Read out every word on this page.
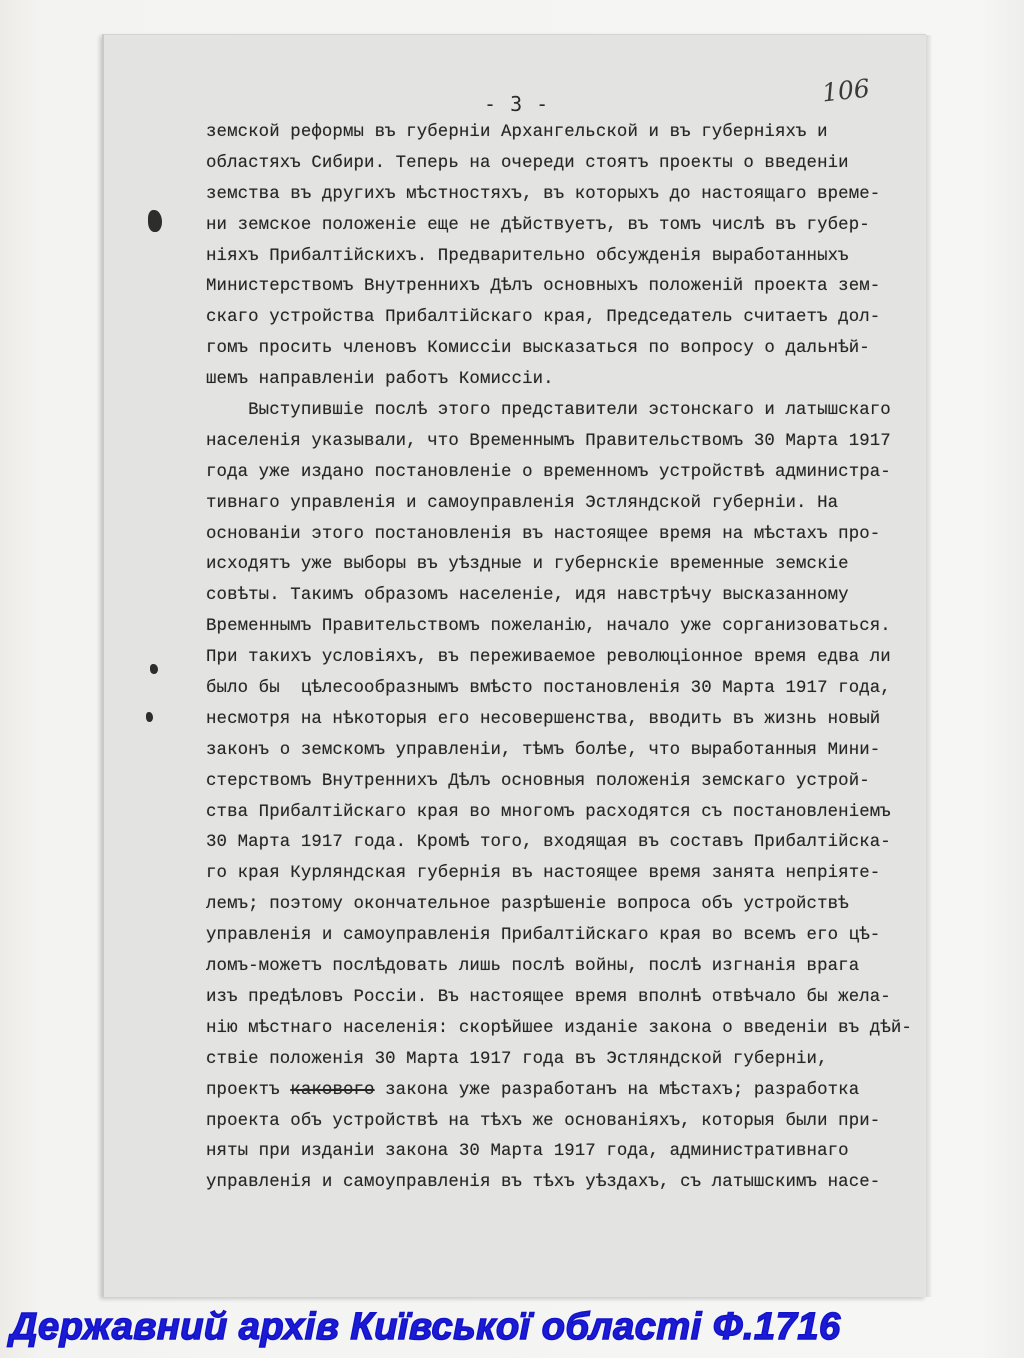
- 3 -	106
земской реформы въ губерніи Архангельской и въ губерніяхъ и
областяхъ Сибири. Теперь на очереди стоятъ проекты о введеніи
земства въ другихъ мѣстностяхъ, въ которыхъ до настоящаго време-
ни земское положеніе еще не дѣйствуетъ, въ томъ числѣ въ губер-
ніяхъ Прибалтійскихъ. Предварительно обсужденія выработанныхъ
Министерствомъ Внутреннихъ Дѣлъ основныхъ положеній проекта зем-
скаго устройства Прибалтійскаго края, Председатель считаетъ дол-
гомъ просить членовъ Комиссіи высказаться по вопросу о дальнѣй-
шемъ направленіи работъ Комиссіи.
Выступившіе послѣ этого представители эстонскаго и латышскаго
населенія указывали, что Временнымъ Правительствомъ 30 Марта 1917
года уже издано постановленіе о временномъ устройствѣ администра-
тивнаго управленія и самоуправленія Эстляндской губерніи. На
основаніи этого постановленія въ настоящее время на мѣстахъ про-
исходятъ уже выборы въ уѣздные и губернскіе временные земскіе
совѣты. Такимъ образомъ населеніе, идя навстрѣчу высказанному
Временнымъ Правительствомъ пожеланію, начало уже сорганизоваться.
При такихъ условіяхъ, въ переживаемое революціонное время едва ли
было бы  цѣлесообразнымъ вмѣсто постановленія 30 Марта 1917 года,
несмотря на нѣкоторыя его несовершенства, вводить въ жизнь новый
законъ о земскомъ управленіи, тѣмъ болѣе, что выработанныя Мини-
стерствомъ Внутреннихъ Дѣлъ основныя положенія земскаго устрой-
ства Прибалтійскаго края во многомъ расходятся съ постановленіемъ
30 Марта 1917 года. Кромѣ того, входящая въ составъ Прибалтійска-
го края Курляндская губернія въ настоящее время занята непріяте-
лемъ; поэтому окончательное разрѣшеніе вопроса объ устройствѣ
управленія и самоуправленія Прибалтійскаго края во всемъ его цѣ-
ломъ-можетъ послѣдовать лишь послѣ войны, послѣ изгнанія врага
изъ предѣловъ Россіи. Въ настоящее время вполнѣ отвѣчало бы жела-
нію мѣстнаго населенія: скорѣйшее изданіе закона о введеніи въ дѣй-
ствіе положенія 30 Марта 1917 года въ Эстляндской губерніи,
проектъ каковогo закона уже разработанъ на мѣстахъ; разработка
проекта объ устройствѣ на тѣхъ же основаніяхъ, которыя были при-
няты при изданіи закона 30 Марта 1917 года, административнаго
управленія и самоуправленія въ тѣхъ уѣздахъ, съ латышскимъ насе-
Державний архів Київської області Ф.1716
